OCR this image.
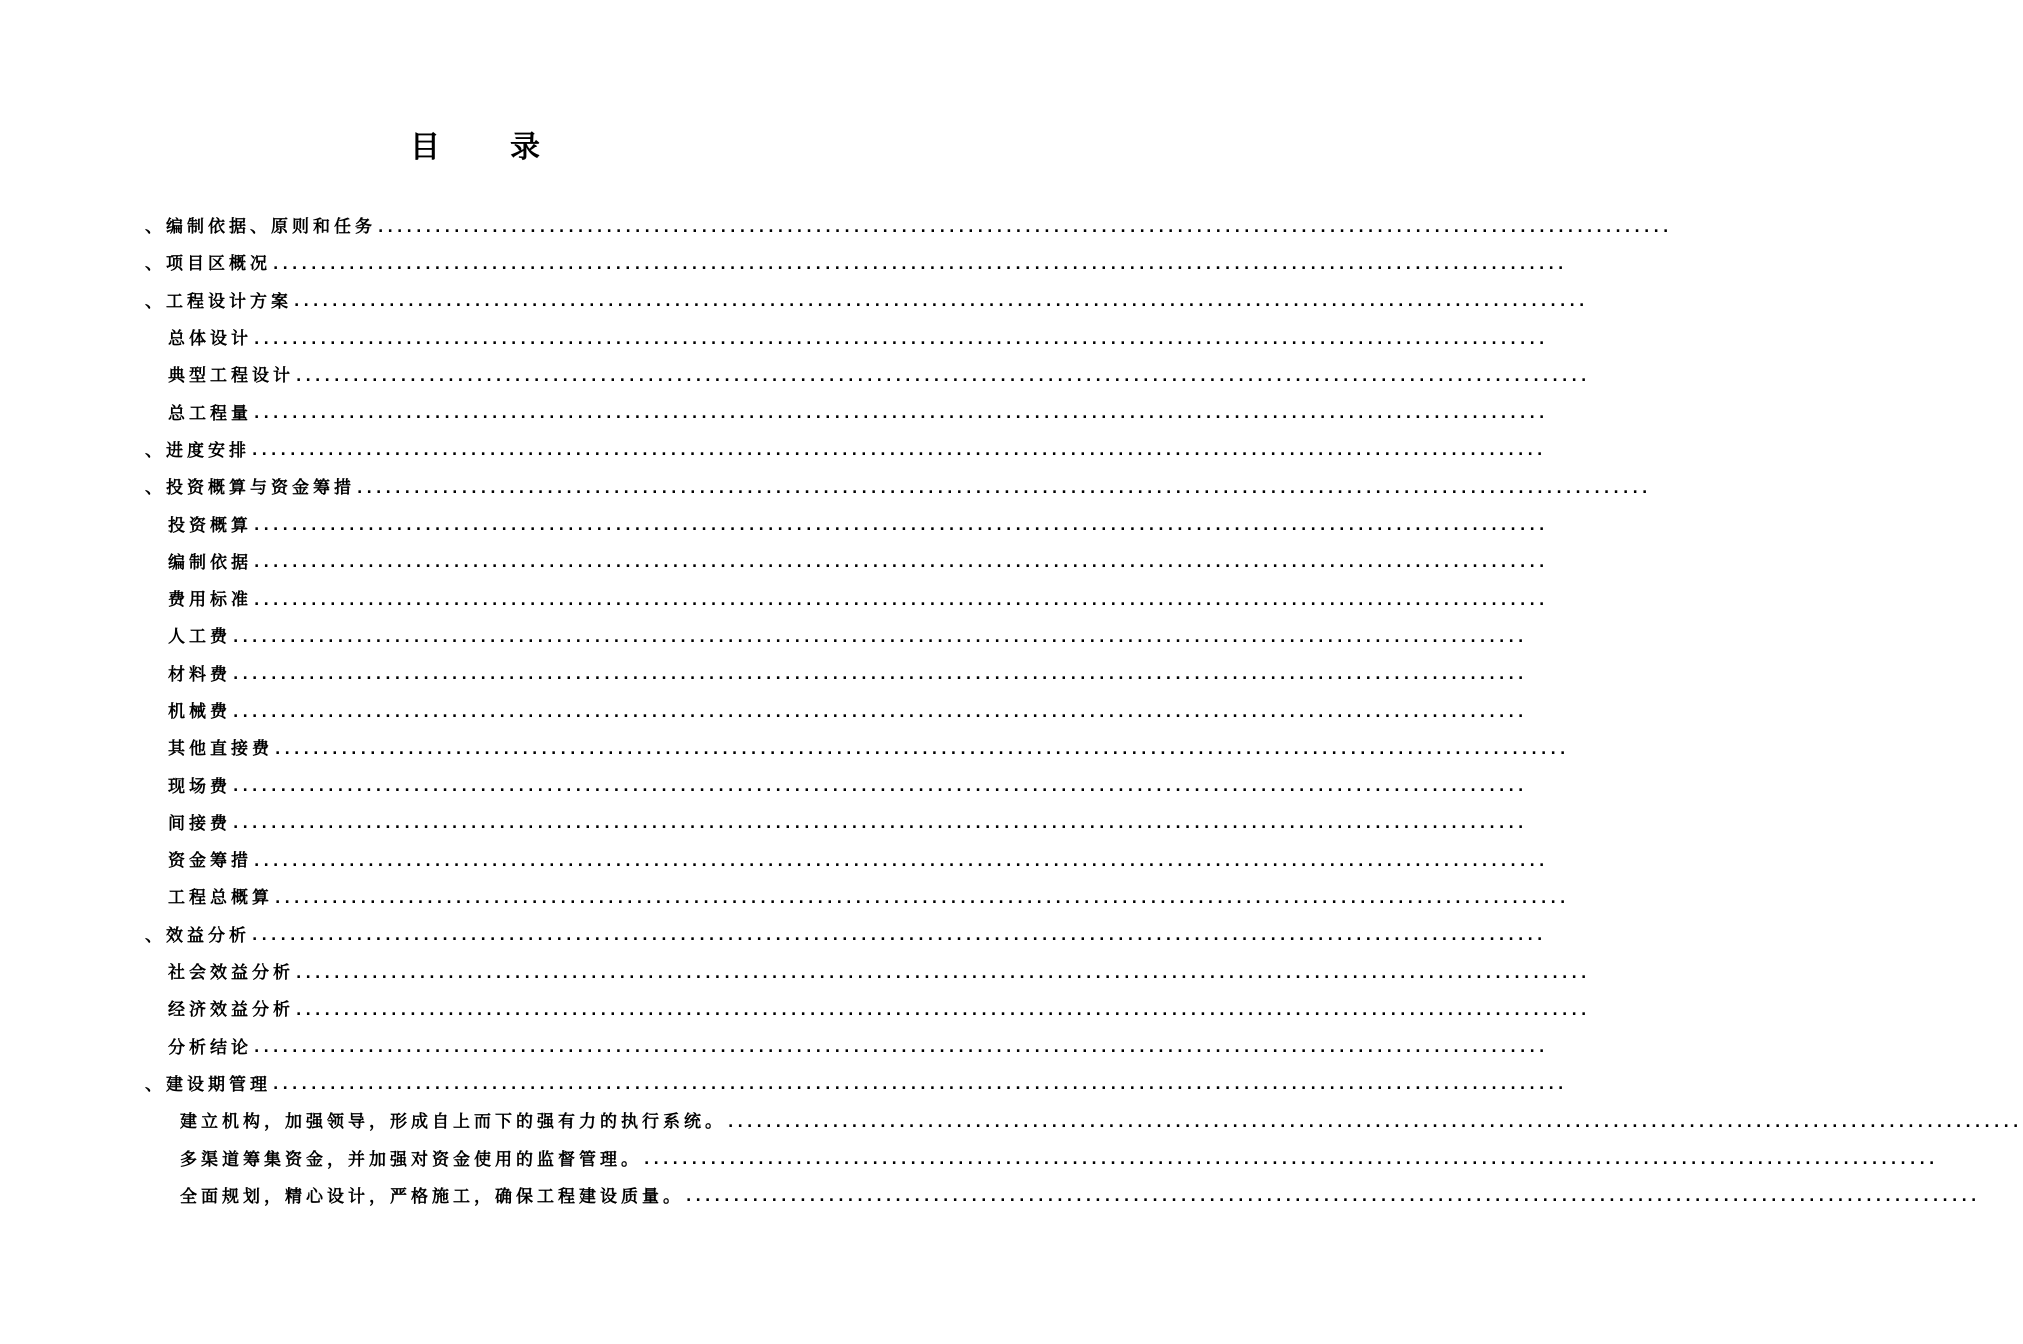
目 录
、编制依据、原则和任务 ........................................................................................................................................
、项目区概况 ........................................................................................................................................
、工程设计方案 ........................................................................................................................................
总体设计 ........................................................................................................................................
典型工程设计 ........................................................................................................................................
总工程量 ........................................................................................................................................
、进度安排 ........................................................................................................................................
、投资概算与资金筹措 ........................................................................................................................................
投资概算 ........................................................................................................................................
编制依据 ........................................................................................................................................
费用标准 ........................................................................................................................................
人工费 ........................................................................................................................................
材料费 ........................................................................................................................................
机械费 ........................................................................................................................................
其他直接费 ........................................................................................................................................
现场费 ........................................................................................................................................
间接费 ........................................................................................................................................
资金筹措 ........................................................................................................................................
工程总概算 ........................................................................................................................................
、效益分析 ........................................................................................................................................
社会效益分析 ........................................................................................................................................
经济效益分析 ........................................................................................................................................
分析结论 ........................................................................................................................................
、建设期管理 ........................................................................................................................................
建立机构，加强领导，形成自上而下的强有力的执行系统。 ........................................................................................................................................
多渠道筹集资金，并加强对资金使用的监督管理。 ........................................................................................................................................
全面规划，精心设计，严格施工，确保工程建设质量。 ........................................................................................................................................
